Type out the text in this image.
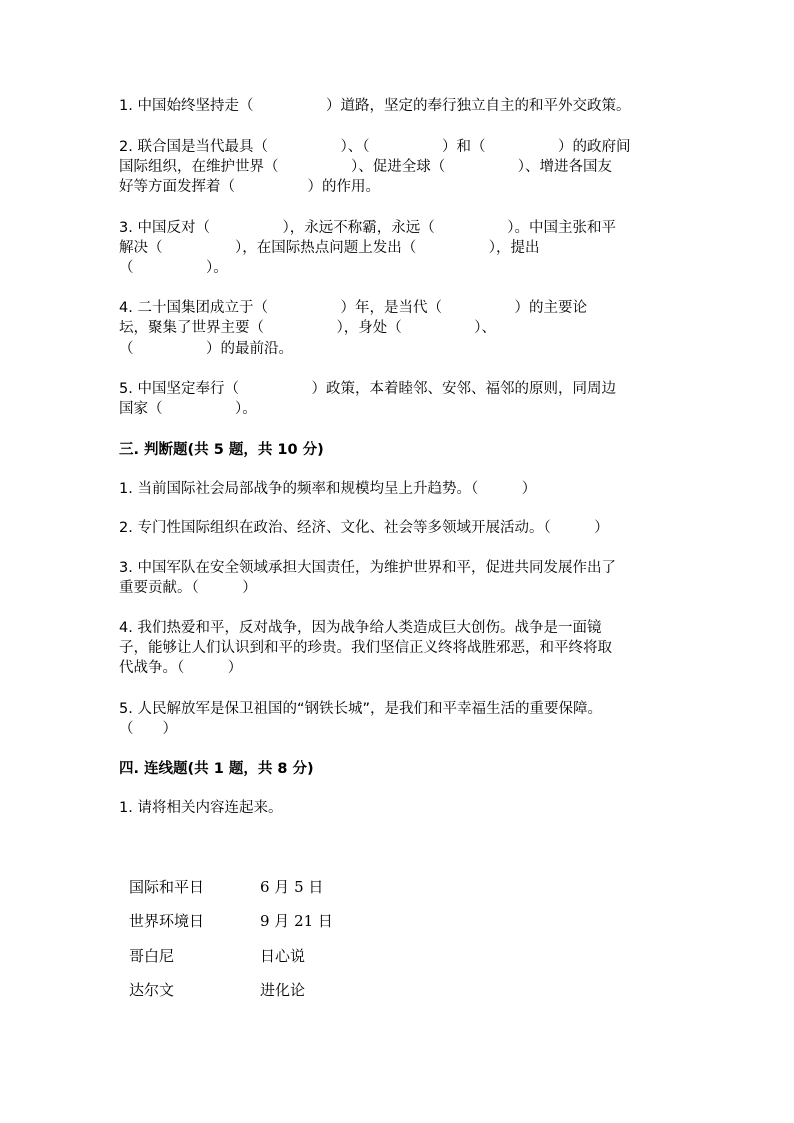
1. 中国始终坚持走（　　　　　）道路，坚定的奉行独立自主的和平外交政策。
2. 联合国是当代最具（　　　　　）、（　　　　　）和（　　　　　）的政府间
国际组织，在维护世界（　　　　　）、促进全球（　　　　　）、增进各国友
好等方面发挥着（　　　　　）的作用。
3. 中国反对（　　　　　），永远不称霸，永远（　　　　　）。中国主张和平
解决（　　　　　），在国际热点问题上发出（　　　　　），提出
（　　　　　）。
4. 二十国集团成立于（　　　　　）年，是当代（　　　　　）的主要论
坛，聚集了世界主要（　　　　　），身处（　　　　　）、
（　　　　　）的最前沿。
5. 中国坚定奉行（　　　　　）政策，本着睦邻、安邻、福邻的原则，同周边
国家（　　　　　）。
三. 判断题(共 5 题，共 10 分)
1. 当前国际社会局部战争的频率和规模均呈上升趋势。（　　　）
2. 专门性国际组织在政治、经济、文化、社会等多领域开展活动。（　　　）
3. 中国军队在安全领域承担大国责任，为维护世界和平，促进共同发展作出了
重要贡献。（　　　）
4. 我们热爱和平，反对战争，因为战争给人类造成巨大创伤。战争是一面镜
子，能够让人们认识到和平的珍贵。我们坚信正义终将战胜邪恶，和平终将取
代战争。（　　　）
5. 人民解放军是保卫祖国的“钢铁长城”，是我们和平幸福生活的重要保障。
（　　）
四. 连线题(共 1 题，共 8 分)
1. 请将相关内容连起来。
国际和平日	6 月 5 日
世界环境日	9 月 21 日
哥白尼	日心说
达尔文	进化论
